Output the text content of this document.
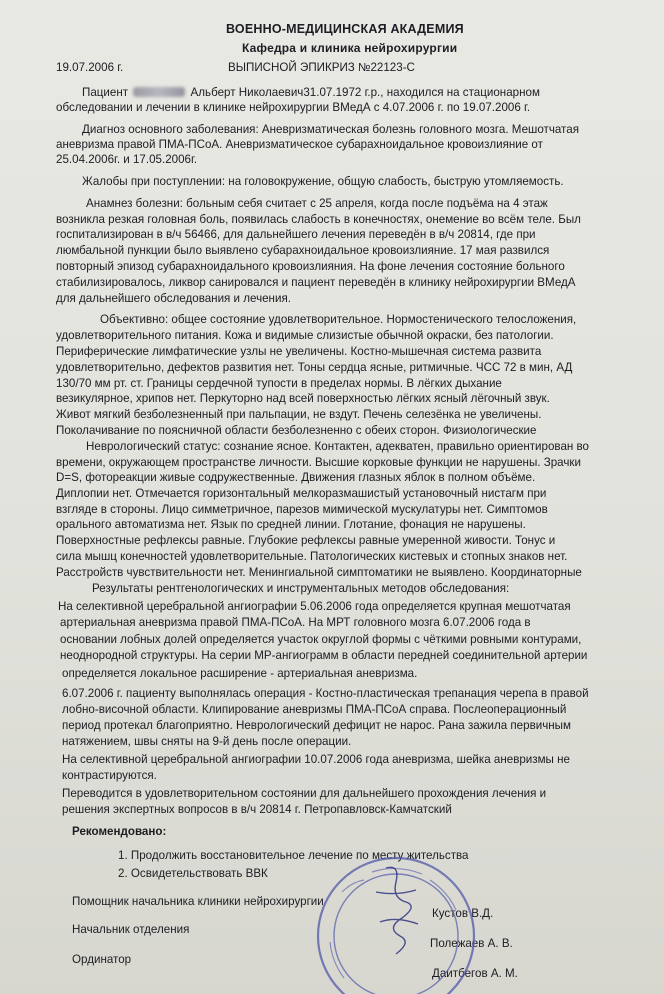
ВОЕННО-МЕДИЦИНСКАЯ АКАДЕМИЯ
Кафедра и клиника нейрохирургии
19.07.2006 г.	ВЫПИСНОЙ ЭПИКРИЗ №22123-С
Пациент	Альберт Николаевич31.07.1972 г.р., находился на стационарном
обследовании и лечении в клинике нейрохирургии ВМедА с 4.07.2006 г. по 19.07.2006 г.
Диагноз основного заболевания: Аневризматическая болезнь головного мозга. Мешотчатая
аневризма правой ПМА-ПСоА. Аневризматическое субарахноидальное кровоизлияние от
25.04.2006г. и 17.05.2006г.
Жалобы при поступлении: на головокружение, общую слабость, быструю утомляемость.
Анамнез болезни: больным себя считает с 25 апреля, когда после подъёма на 4 этаж
возникла резкая головная боль, появилась слабость в конечностях, онемение во всём теле. Был
госпитализирован в в/ч 56466, для дальнейшего лечения переведён в в/ч 20814, где при
люмбальной пункции было выявлено субарахноидальное кровоизлияние. 17 мая развился
повторный эпизод субарахноидального кровоизлияния. На фоне лечения состояние больного
стабилизировалось, ликвор санировался и пациент переведён в клинику нейрохирургии ВМедА
для дальнейшего обследования и лечения.
Объективно: общее состояние удовлетворительное. Нормостенического телосложения,
удовлетворительного питания. Кожа и видимые слизистые обычной окраски, без патологии.
Периферические лимфатические узлы не увеличены. Костно-мышечная система развита
удовлетворительно, дефектов развития нет. Тоны сердца ясные, ритмичные. ЧСС 72 в мин, АД
130/70 мм рт. ст. Границы сердечной тупости в пределах нормы. В лёгких дыхание
везикулярное, хрипов нет. Перкуторно над всей поверхностью лёгких ясный лёгочный звук.
Живот мягкий безболезненный при пальпации, не вздут. Печень селезёнка не увеличены.
Поколачивание по поясничной области безболезненно с обеих сторон. Физиологические
Неврологический статус: сознание ясное. Контактен, адекватен, правильно ориентирован во
времени, окружающем пространстве личности. Высшие корковые функции не нарушены. Зрачки
D=S, фотореакции живые содружественные. Движения глазных яблок в полном объёме.
Диплопии нет. Отмечается горизонтальный мелкоразмашистый установочный нистагм при
взгляде в стороны. Лицо симметричное, парезов мимической мускулатуры нет. Симптомов
орального автоматизма нет. Язык по средней линии. Глотание, фонация не нарушены.
Поверхностные рефлексы равные. Глубокие рефлексы равные умеренной живости. Тонус и
сила мышц конечностей удовлетворительные. Патологических кистевых и стопных знаков нет.
Расстройств чувствительности нет. Менингиальной симптоматики не выявлено. Координаторные
Результаты рентгенологических и инструментальных методов обследования:
На селективной церебральной ангиографии 5.06.2006 года определяется крупная мешотчатая
артериальная аневризма правой ПМА-ПСоА. На МРТ головного мозга 6.07.2006 года в
основании лобных долей определяется участок округлой формы с чёткими ровными контурами,
неоднородной структуры. На серии МР-ангиограмм в области передней соединительной артерии
определяется локальное расширение - артериальная аневризма.
6.07.2006 г. пациенту выполнялась операция - Костно-пластическая трепанация черепа в правой
лобно-височной области. Клипирование аневризмы ПМА-ПСоА справа. Послеоперационный
период протекал благоприятно. Неврологический дефицит не нарос. Рана зажила первичным
натяжением, швы сняты на 9-й день после операции.
На селективной церебральной ангиографии 10.07.2006 года аневризма, шейка аневризмы не
контрастируются.
Переводится в удовлетворительном состоянии для дальнейшего прохождения лечения и
решения экспертных вопросов в в/ч 20814 г. Петропавловск-Камчатский
Рекомендовано:
1. Продолжить восстановительное лечение по месту жительства
2. Освидетельствовать ВВК
Помощник начальника клиники нейрохирургии
Кустов В.Д.
Начальник отделения
Полежаев А. В.
Ординатор
Даитбегов А. М.
